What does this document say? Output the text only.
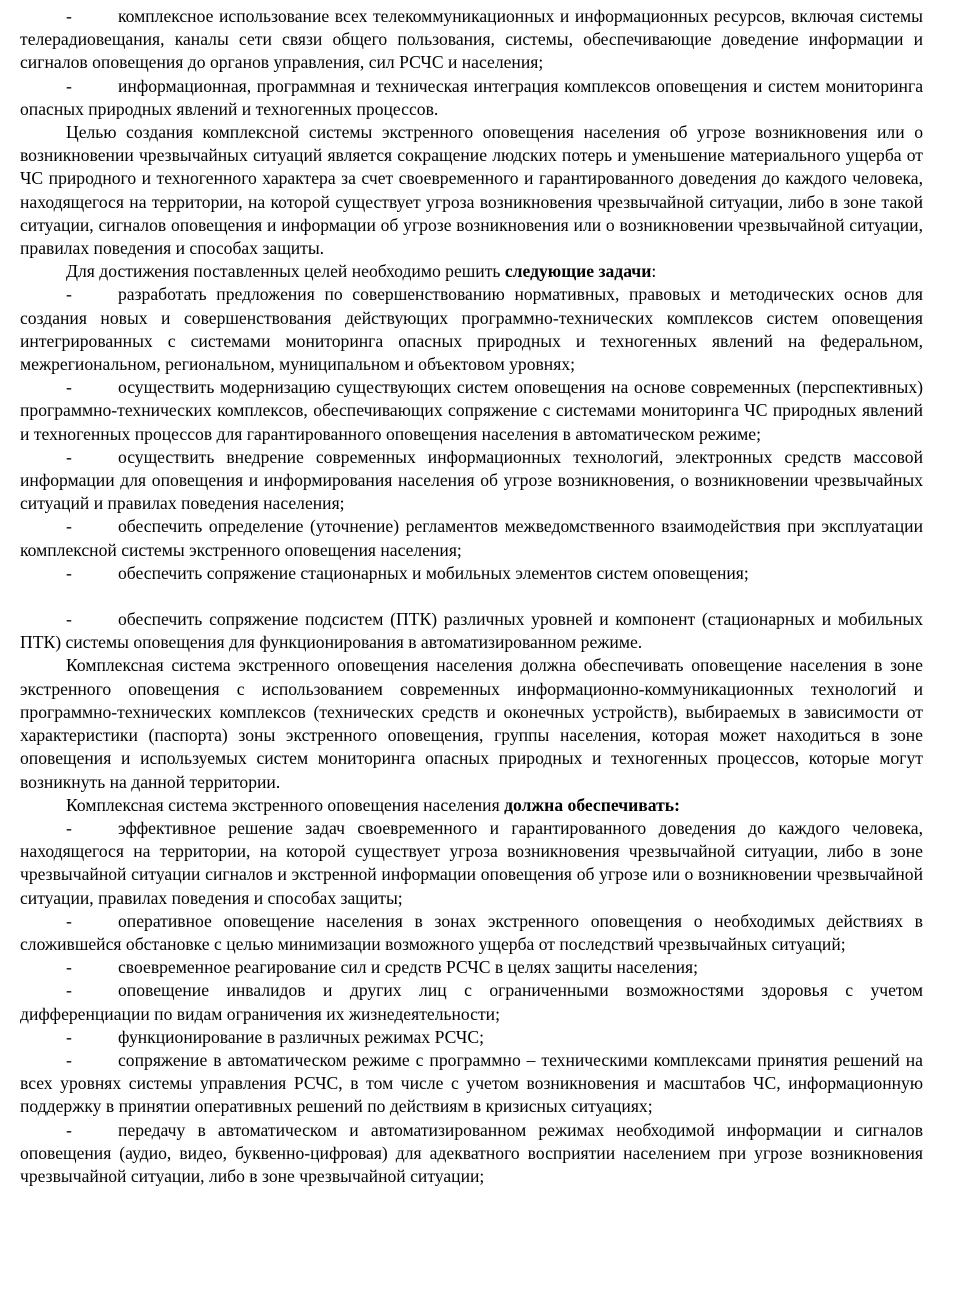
-	комплексное использование всех телекоммуникационных и информационных ресурсов, включая системы телерадиовещания, каналы сети связи общего пользования, системы, обеспечивающие доведение информации и сигналов оповещения до органов управления, сил РСЧС и населения;

-	информационная, программная и техническая интеграция комплексов оповещения и систем мониторинга опасных природных явлений и техногенных процессов.

Целью создания комплексной системы экстренного оповещения населения об угрозе возникновения или о возникновении чрезвычайных ситуаций является сокращение людских потерь и уменьшение материального ущерба от ЧС природного и техногенного характера за счет своевременного и гарантированного доведения до каждого человека, находящегося на территории, на которой существует угроза возникновения чрезвычайной ситуации, либо в зоне такой ситуации, сигналов оповещения и информации об угрозе возникновения или о возникновении чрезвычайной ситуации, правилах поведения и способах защиты.

Для достижения поставленных целей необходимо решить следующие задачи:

-	разработать предложения по совершенствованию нормативных, правовых и методических основ для создания новых и совершенствования действующих программно-технических комплексов систем оповещения интегрированных с системами мониторинга опасных природных и техногенных явлений на федеральном, межрегиональном, региональном, муниципальном и объектовом уровнях;

-	осуществить модернизацию существующих систем оповещения на основе современных (перспективных) программно-технических комплексов, обеспечивающих сопряжение с системами мониторинга ЧС природных явлений и техногенных процессов для гарантированного оповещения населения в автоматическом режиме;

-	осуществить внедрение современных информационных технологий, электронных средств массовой информации для оповещения и информирования населения об угрозе возникновения, о возникновении чрезвычайных ситуаций и правилах поведения населения;

-	обеспечить определение (уточнение) регламентов межведомственного взаимодействия при эксплуатации комплексной системы экстренного оповещения населения;

-	обеспечить сопряжение стационарных и мобильных элементов систем оповещения;

-	обеспечить сопряжение подсистем (ПТК) различных уровней и компонент (стационарных и мобильных ПТК) системы оповещения для функционирования в автоматизированном режиме.

Комплексная система экстренного оповещения населения должна обеспечивать оповещение населения в зоне экстренного оповещения с использованием современных информационно-коммуникационных технологий и программно-технических комплексов (технических средств и оконечных устройств), выбираемых в зависимости от характеристики (паспорта) зоны экстренного оповещения, группы населения, которая может находиться в зоне оповещения и используемых систем мониторинга опасных природных и техногенных процессов, которые могут возникнуть на данной территории.

Комплексная система экстренного оповещения населения должна обеспечивать:

-	эффективное решение задач своевременного и гарантированного доведения до каждого человека, находящегося на территории, на которой существует угроза возникновения чрезвычайной ситуации, либо в зоне чрезвычайной ситуации сигналов и экстренной информации оповещения об угрозе или о возникновении чрезвычайной ситуации, правилах поведения и способах защиты;

-	оперативное оповещение населения в зонах экстренного оповещения о необходимых действиях в сложившейся обстановке с целью минимизации возможного ущерба от последствий чрезвычайных ситуаций;

-	своевременное реагирование сил и средств РСЧС в целях защиты населения;

-	оповещение инвалидов и других лиц с ограниченными возможностями здоровья с учетом дифференциации по видам ограничения их жизнедеятельности;

-	функционирование в различных режимах РСЧС;

-	сопряжение в автоматическом режиме с программно – техническими комплексами принятия решений на всех уровнях системы управления РСЧС, в том числе с учетом возникновения и масштабов ЧС, информационную поддержку в принятии оперативных решений по действиям в кризисных ситуациях;

-	передачу в автоматическом и автоматизированном режимах необходимой информации и сигналов оповещения (аудио, видео, буквенно-цифровая) для адекватного восприятии населением при угрозе возникновения чрезвычайной ситуации, либо в зоне чрезвычайной ситуации;
